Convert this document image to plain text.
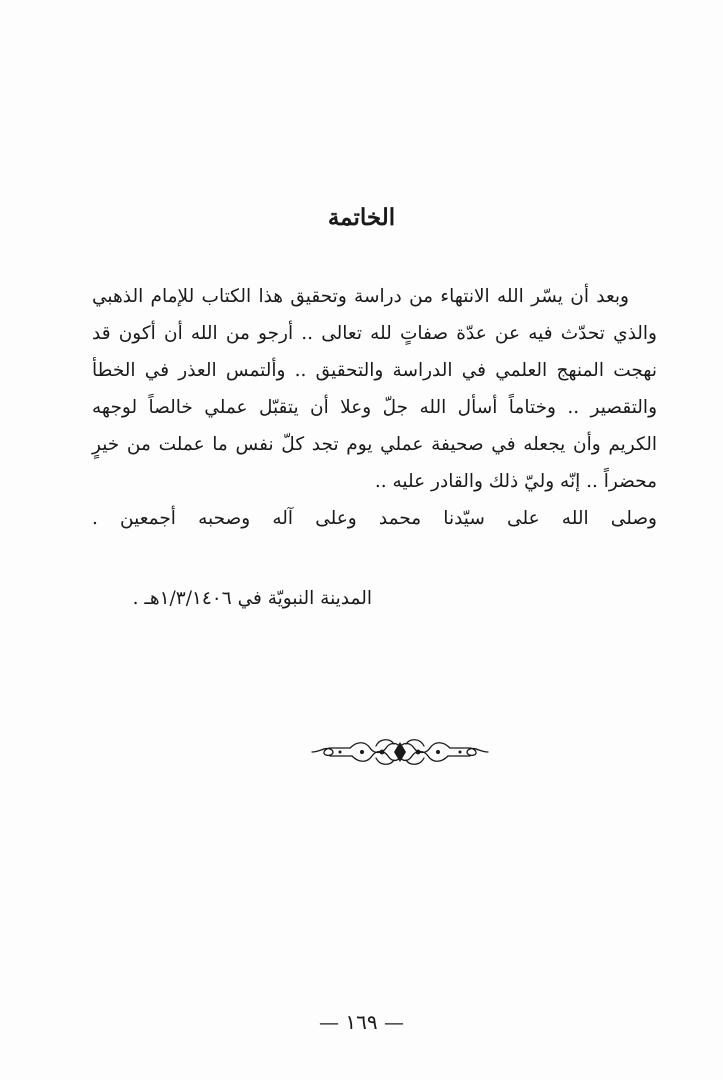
الخاتمة
وبعد أن يسّر الله الانتهاء من دراسة وتحقيق هذا الكتاب للإمام الذهبي
والذي تحدّث فيه عن عدّة صفاتٍ لله تعالى .. أرجو من الله أن أكون قد
نهجت المنهج العلمي في الدراسة والتحقيق .. وألتمس العذر في الخطأ
والتقصير .. وختاماً أسأل الله جلّ وعلا أن يتقبّل عملي خالصاً لوجهه
الكريم وأن يجعله في صحيفة عملي يوم تجد كلّ نفس ما عملت من خيرٍ
محضراً .. إنّه وليّ ذلك والقادر عليه ..
وصلى الله على سيّدنا محمد وعلى آله وصحبه أجمعين .
المدينة النبويّة في ١/٣/١٤٠٦هـ .
— ١٦٩ —
